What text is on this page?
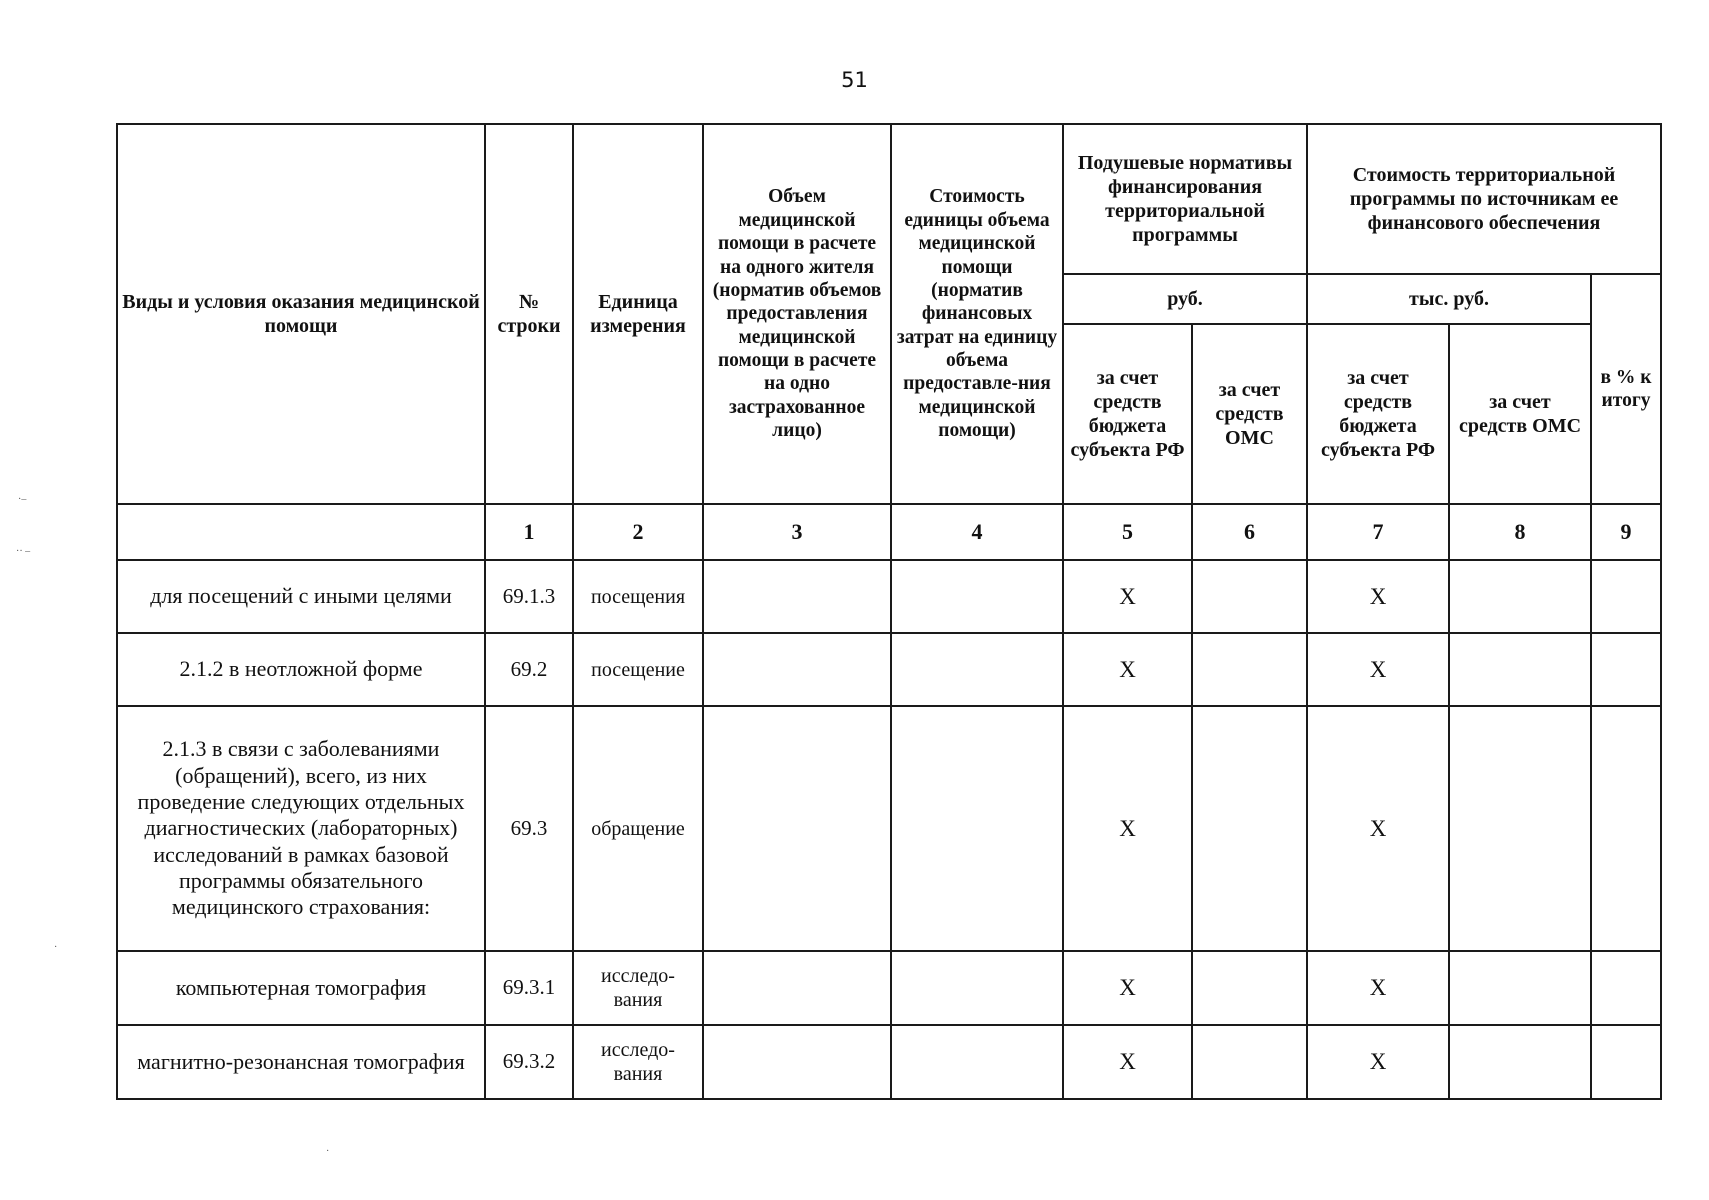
51
Виды и условия оказания медицинской помощи	№ строки	Единица измерения	Объем медицинской помощи в расчете на одного жителя (норматив объемов предоставления медицинской помощи в расчете на одно застрахованное лицо)	Стоимость единицы объема медицинской помощи (норматив финансовых затрат на единицу объема предоставле-ния медицинской помощи)	Подушевые нормативы финансирования территориальной программы		Стоимость территориальной программы по источникам ее финансового обеспечения		
					руб.		тыс. руб.		в % к итогу
					за счет средств бюджета субъекта РФ	за счет средств ОМС	за счет средств бюджета субъекта РФ	за счет средств ОМС	
	1	2	3	4	5	6	7	8	9
для посещений с иными целями	69.1.3	посещения			X		X		
2.1.2 в неотложной форме	69.2	посещение			X		X		
2.1.3 в связи с заболеваниями (обращений), всего, из них проведение следующих отдельных диагностических (лабораторных) исследований в рамках базовой программы обязательного медицинского страхования:	69.3	обращение			X		X		
компьютерная томография	69.3.1	исследо-вания			X		X		
магнитно-резонансная томография	69.3.2	исследо-вания			X		X		
·–
·· –
·
·
